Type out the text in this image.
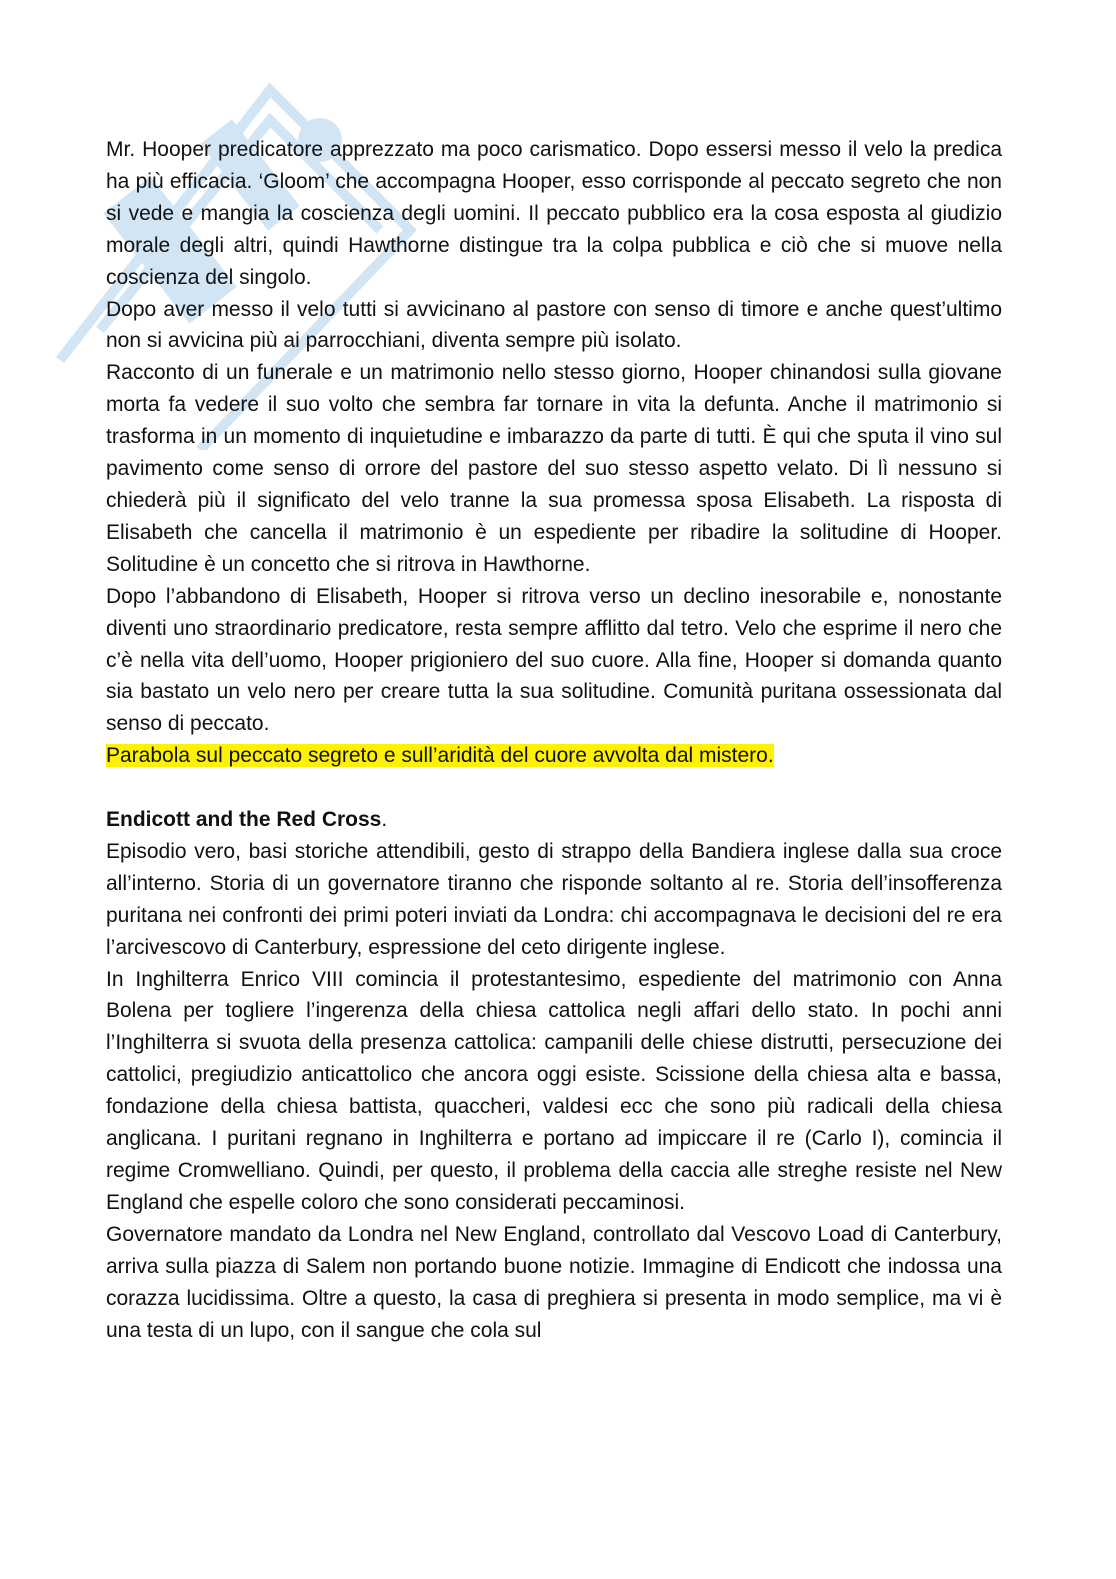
Mr. Hooper predicatore apprezzato ma poco carismatico. Dopo essersi messo il velo la predica ha più efficacia. ‘Gloom’ che accompagna Hooper, esso corrisponde al peccato segreto che non si vede e mangia la coscienza degli uomini. Il peccato pubblico era la cosa esposta al giudizio morale degli altri, quindi Hawthorne distingue tra la colpa pubblica e ciò che si muove nella coscienza del singolo.

Dopo aver messo il velo tutti si avvicinano al pastore con senso di timore e anche quest’ultimo non si avvicina più ai parrocchiani, diventa sempre più isolato.

Racconto di un funerale e un matrimonio nello stesso giorno, Hooper chinandosi sulla giovane morta fa vedere il suo volto che sembra far tornare in vita la defunta. Anche il matrimonio si trasforma in un momento di inquietudine e imbarazzo da parte di tutti. È qui che sputa il vino sul pavimento come senso di orrore del pastore del suo stesso aspetto velato. Di lì nessuno si chiederà più il significato del velo tranne la sua promessa sposa Elisabeth. La risposta di Elisabeth che cancella il matrimonio è un espediente per ribadire la solitudine di Hooper. Solitudine è un concetto che si ritrova in Hawthorne.

Dopo l’abbandono di Elisabeth, Hooper si ritrova verso un declino inesorabile e, nonostante diventi uno straordinario predicatore, resta sempre afflitto dal tetro. Velo che esprime il nero che c’è nella vita dell’uomo, Hooper prigioniero del suo cuore. Alla fine, Hooper si domanda quanto sia bastato un velo nero per creare tutta la sua solitudine. Comunità puritana ossessionata dal senso di peccato.

Parabola sul peccato segreto e sull’aridità del cuore avvolta dal mistero.

Endicott and the Red Cross.

Episodio vero, basi storiche attendibili, gesto di strappo della Bandiera inglese dalla sua croce all’interno. Storia di un governatore tiranno che risponde soltanto al re. Storia dell’insofferenza puritana nei confronti dei primi poteri inviati da Londra: chi accompagnava le decisioni del re era l’arcivescovo di Canterbury, espressione del ceto dirigente inglese.

In Inghilterra Enrico VIII comincia il protestantesimo, espediente del matrimonio con Anna Bolena per togliere l’ingerenza della chiesa cattolica negli affari dello stato. In pochi anni l’Inghilterra si svuota della presenza cattolica: campanili delle chiese distrutti, persecuzione dei cattolici, pregiudizio anticattolico che ancora oggi esiste. Scissione della chiesa alta e bassa, fondazione della chiesa battista, quaccheri, valdesi ecc che sono più radicali della chiesa anglicana. I puritani regnano in Inghilterra e portano ad impiccare il re (Carlo I), comincia il regime Cromwelliano. Quindi, per questo, il problema della caccia alle streghe resiste nel New England che espelle coloro che sono considerati peccaminosi.

Governatore mandato da Londra nel New England, controllato dal Vescovo Load di Canterbury, arriva sulla piazza di Salem non portando buone notizie. Immagine di Endicott che indossa una corazza lucidissima. Oltre a questo, la casa di preghiera si presenta in modo semplice, ma vi è una testa di un lupo, con il sangue che cola sul
